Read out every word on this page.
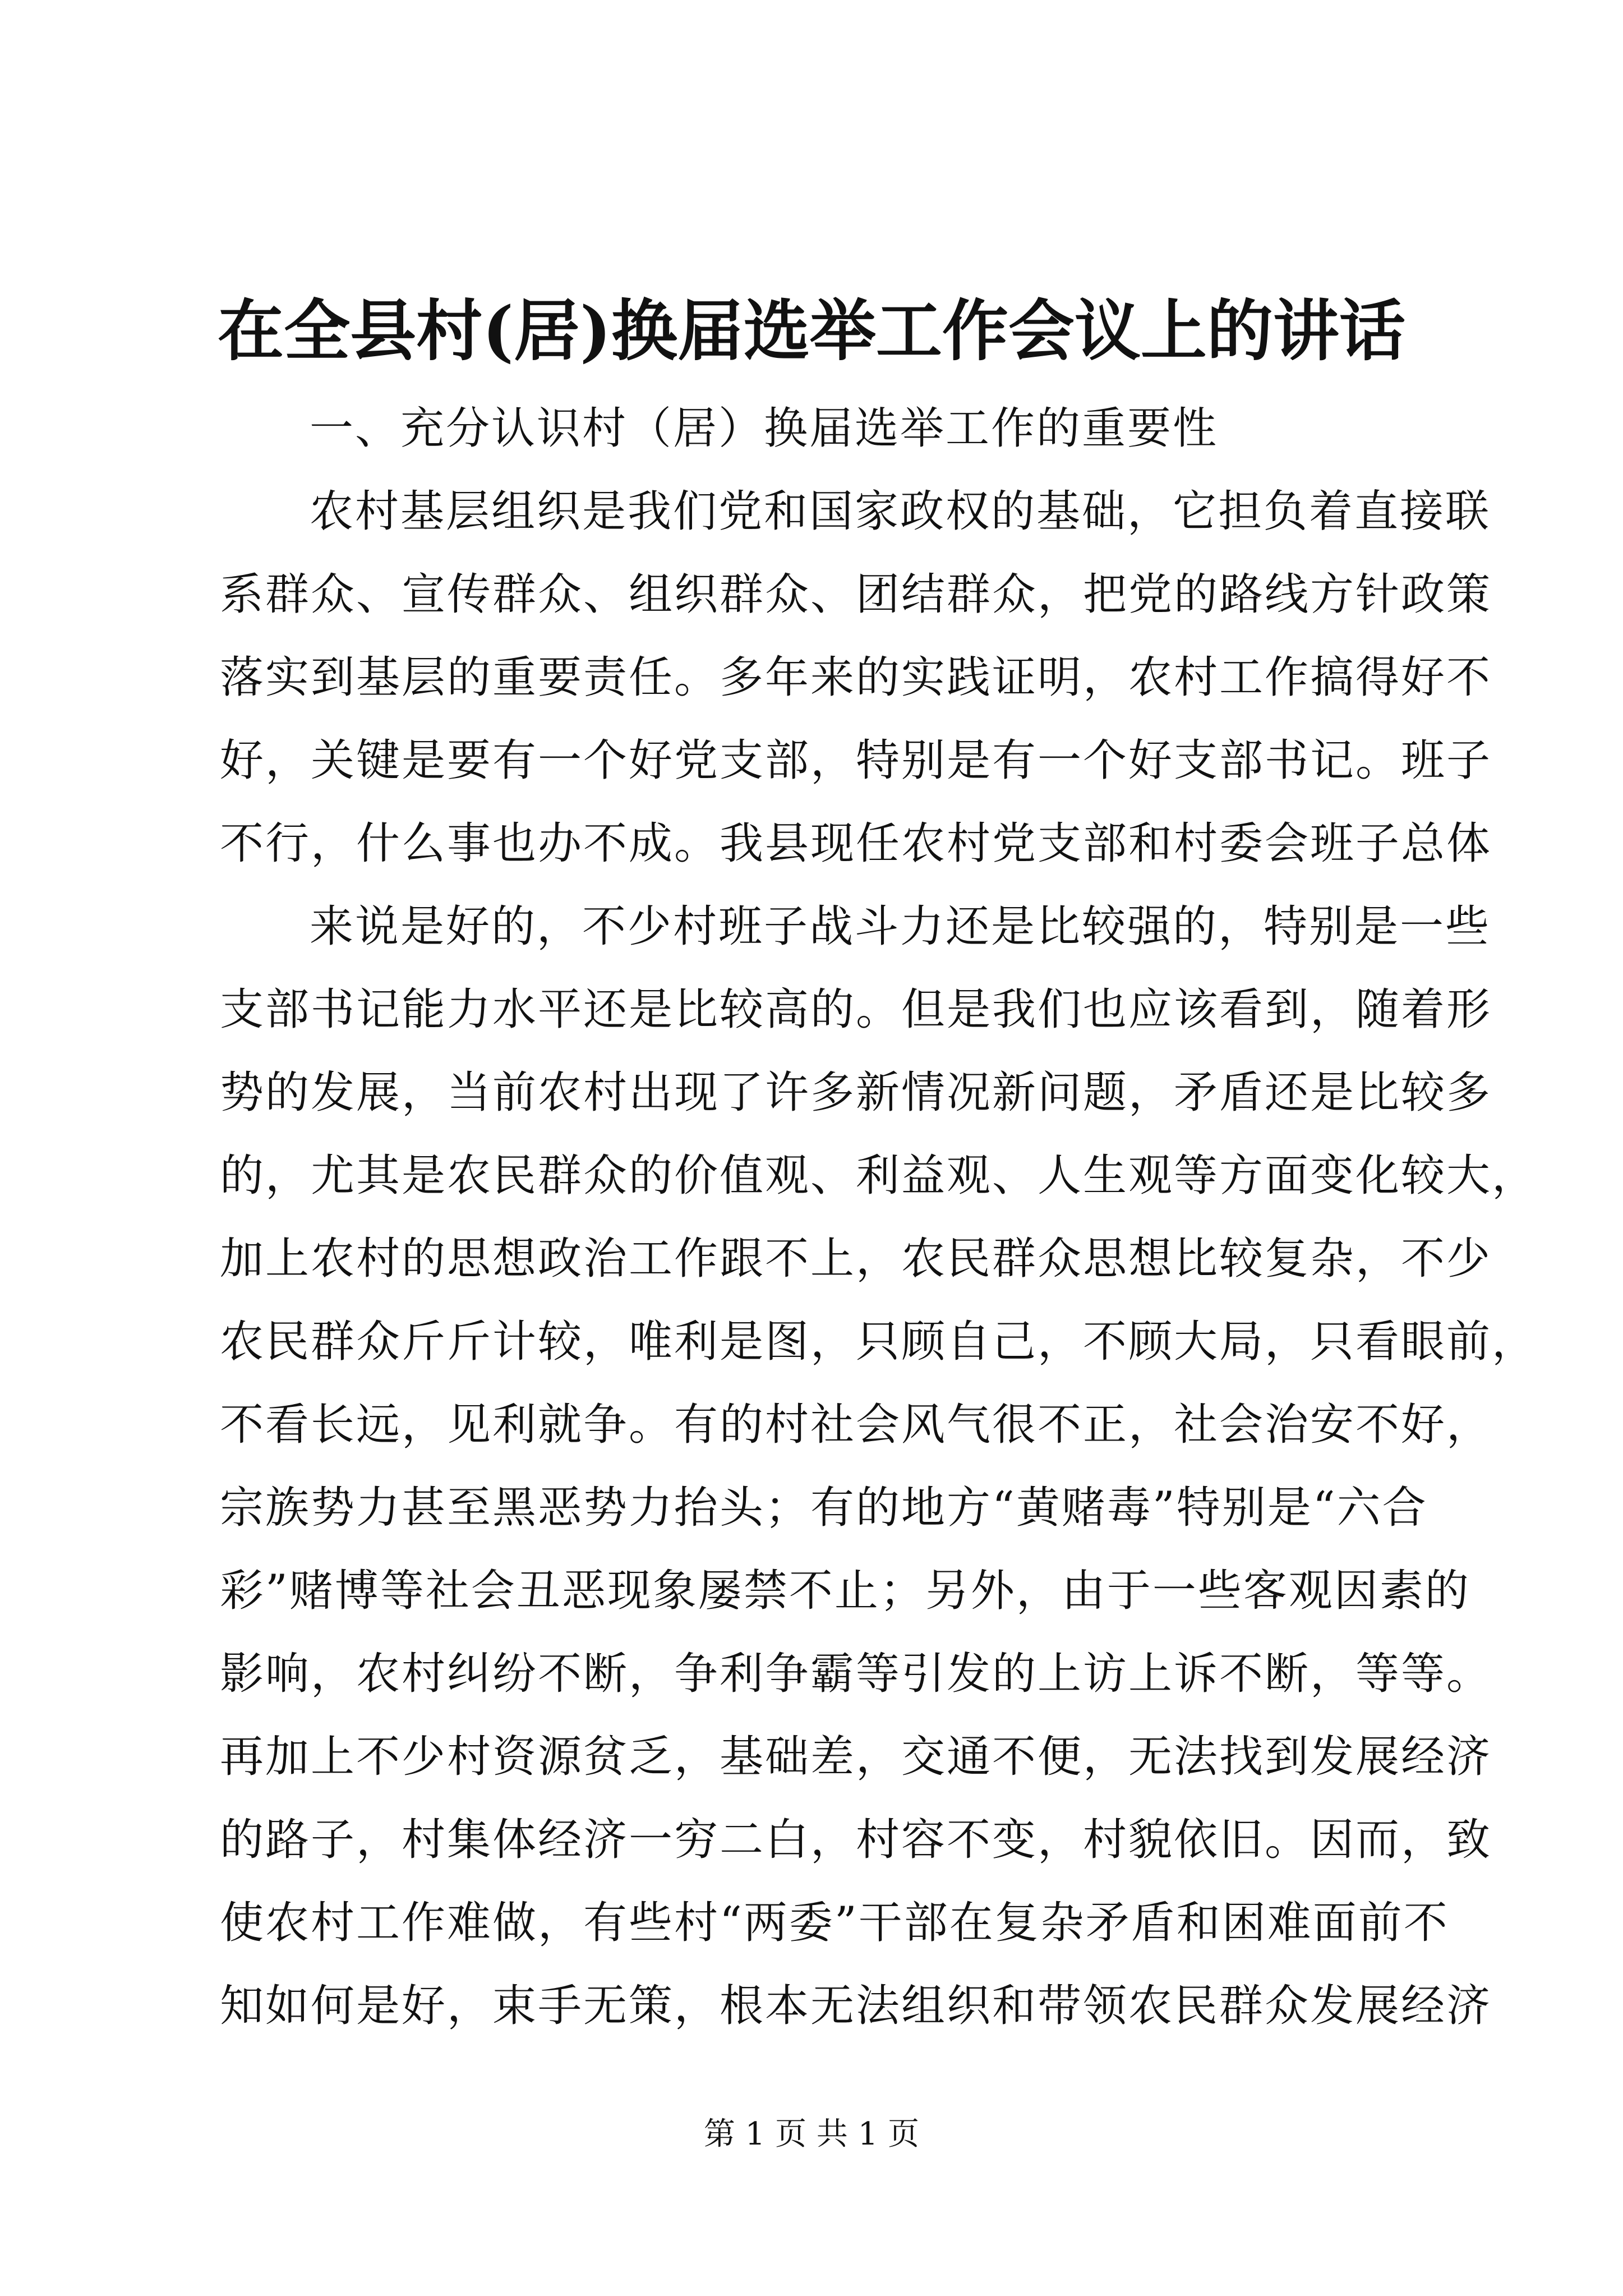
在全县村(居)换届选举工作会议上的讲话
一、充分认识村（居）换届选举工作的重要性
农村基层组织是我们党和国家政权的基础，它担负着直接联
系群众、宣传群众、组织群众、团结群众，把党的路线方针政策
落实到基层的重要责任。多年来的实践证明，农村工作搞得好不
好，关键是要有一个好党支部，特别是有一个好支部书记。班子
不行，什么事也办不成。我县现任农村党支部和村委会班子总体
来说是好的，不少村班子战斗力还是比较强的，特别是一些
支部书记能力水平还是比较高的。但是我们也应该看到，随着形
势的发展，当前农村出现了许多新情况新问题，矛盾还是比较多
的，尤其是农民群众的价值观、利益观、人生观等方面变化较大，
加上农村的思想政治工作跟不上，农民群众思想比较复杂，不少
农民群众斤斤计较，唯利是图，只顾自己，不顾大局，只看眼前，
不看长远，见利就争。有的村社会风气很不正，社会治安不好，
宗族势力甚至黑恶势力抬头；有的地方“黄赌毒”特别是“六合
彩”赌博等社会丑恶现象屡禁不止；另外，由于一些客观因素的
影响，农村纠纷不断，争利争霸等引发的上访上诉不断，等等。
再加上不少村资源贫乏，基础差，交通不便，无法找到发展经济
的路子，村集体经济一穷二白，村容不变，村貌依旧。因而，致
使农村工作难做，有些村“两委”干部在复杂矛盾和困难面前不
知如何是好，束手无策，根本无法组织和带领农民群众发展经济
第 1 页 共 1 页
